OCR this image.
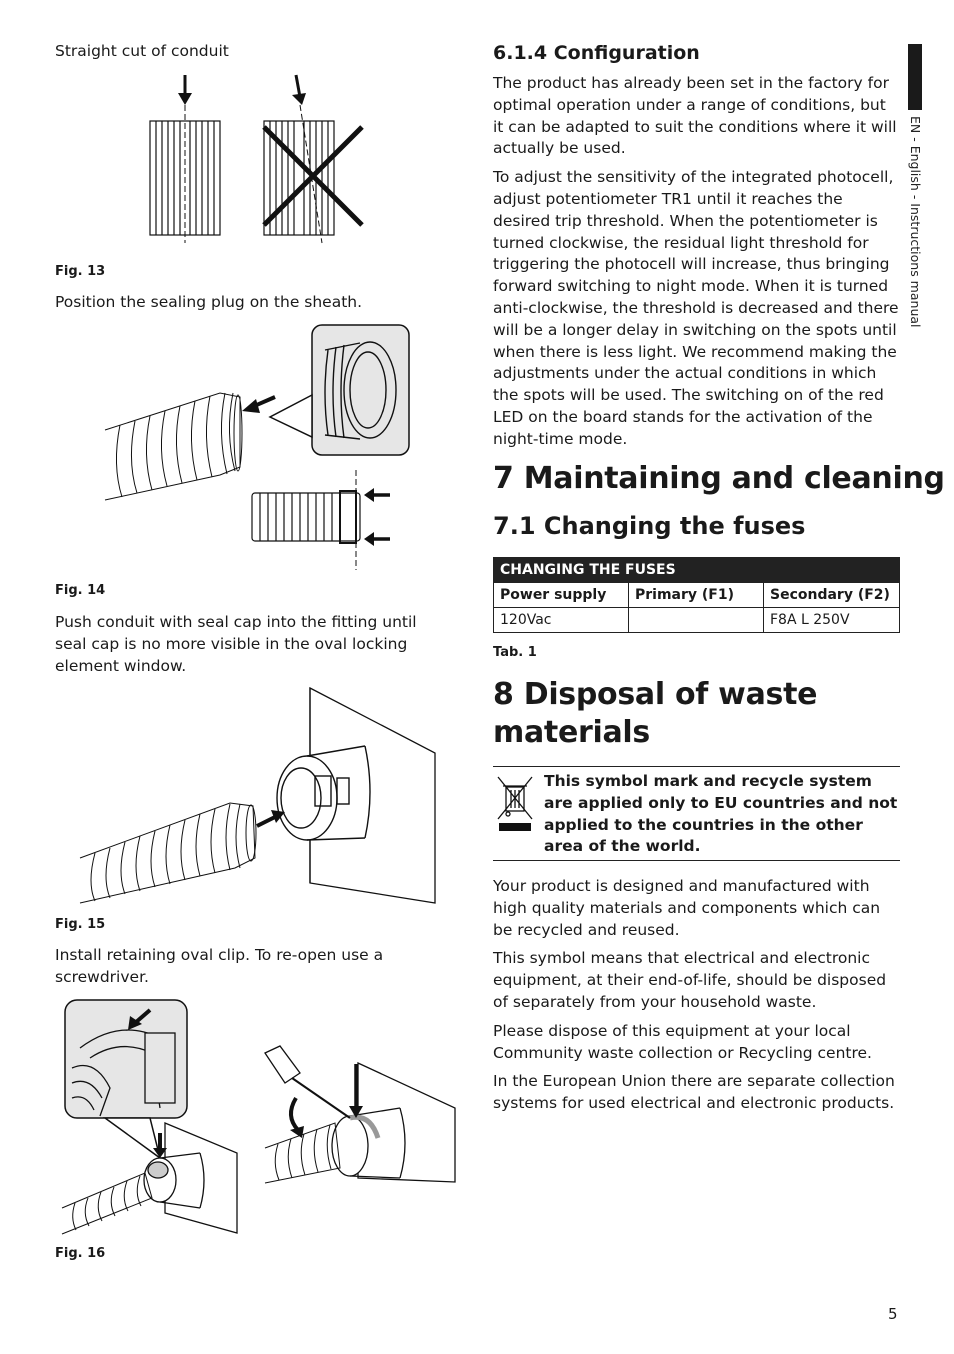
EN - English - Instructions manual
Straight cut of conduit
Fig. 13
Position the sealing plug on the sheath.
Fig. 14
Push conduit with seal cap into the fitting until seal cap is no more visible in the oval locking element window.
Fig. 15
Install retaining oval clip. To re-open use a screwdriver.
Fig. 16
6.1.4 Configuration

The product has already been set in the factory for optimal operation under a range of conditions, but it can be adapted to suit the conditions where it will actually be used.

To adjust the sensitivity of the integrated photocell, adjust potentiometer TR1 until it reaches the desired trip threshold. When the potentiometer is turned clockwise, the residual light threshold for triggering the photocell will increase, thus bringing forward switching to night mode. When it is turned anti-clockwise, the threshold is decreased and there will be a longer delay in switching on the spots until when there is less light. We recommend making the adjustments under the actual conditions in which the spots will be used. The switching on of the red LED on the board stands for the activation of the night-time mode.

7 Maintaining and cleaning
7.1 Changing the fuses
CHANGING THE FUSES		
Power supply	Primary (F1)	Secondary (F2)
120Vac		F8A L 250V
Tab. 1
8 Disposal of waste materials
This symbol mark and recycle system are applied only to EU countries and not applied to the countries in the other area of the world.

Your product is designed and manufactured with high quality materials and components which can be recycled and reused.

This symbol means that electrical and electronic equipment, at their end-of-life, should be disposed of separately from your household waste.

Please dispose of this equipment at your local Community waste collection or Recycling centre.

In the European Union there are separate collection systems for used electrical and electronic products.

5
